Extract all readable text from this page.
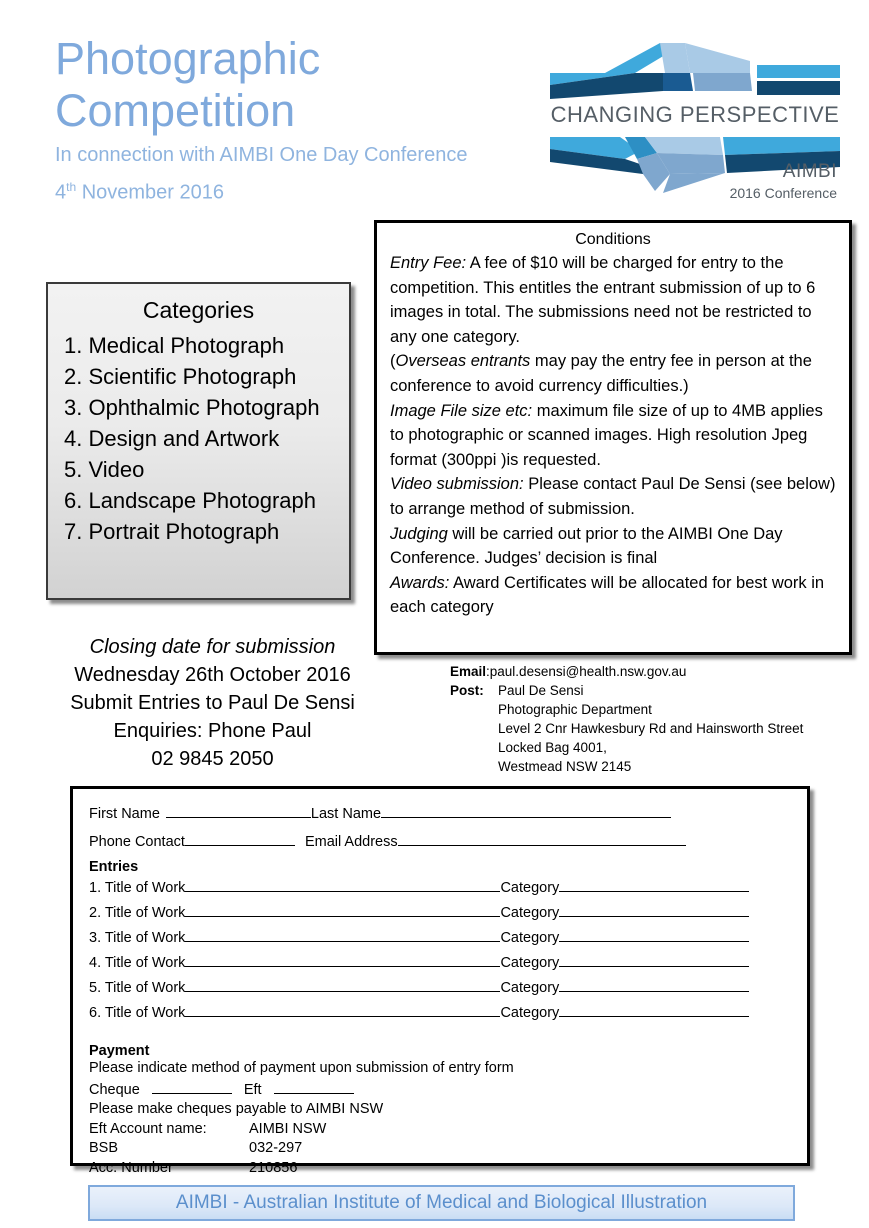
Photographic
Competition
In connection with AIMBI One Day Conference
4th November 2016
CHANGING PERSPECTIVE
AIMBI
2016 Conference
Categories
1. Medical Photograph
2. Scientific Photograph
3. Ophthalmic Photograph
4. Design and Artwork
5. Video
6. Landscape Photograph
7. Portrait Photograph
Conditions

Entry Fee: A fee of $10 will be charged for entry to the competition. This entitles the entrant submission of up to 6 images in total. The submissions need not be restricted to any one category.

(Overseas entrants may pay the entry fee in person at the conference to avoid currency difficulties.)

Image File size etc: maximum file size of up to 4MB applies to photographic or scanned images. High resolution Jpeg format (300ppi )is requested.

Video submission: Please contact Paul De Sensi (see below) to arrange method of submission.

Judging will be carried out prior to the AIMBI One Day Conference. Judges’ decision is final

Awards: Award Certificates will be allocated for best work in each category

Closing date for submission
Wednesday 26th October 2016
Submit Entries to Paul De Sensi
Enquiries: Phone Paul
02 9845 2050
Email :paul.desensi@health.nsw.gov.au
Post:	Paul De Sensi
Photographic Department
Level 2 Cnr Hawkesbury Rd and Hainsworth Street
Locked Bag 4001,
Westmead NSW 2145
First Name	Last Name
Phone Contact	Email Address
Entries
1. Title of Work	Category
2. Title of Work	Category
3. Title of Work	Category
4. Title of Work	Category
5. Title of Work	Category
6. Title of Work	Category
Payment
Please indicate method of payment upon submission of entry form
Cheque	Eft
Please make cheques payable to AIMBI NSW
Eft Account name:	AIMBI NSW
BSB	032-297
Acc. Number	210856
AIMBI - Australian Institute of Medical and Biological Illustration
